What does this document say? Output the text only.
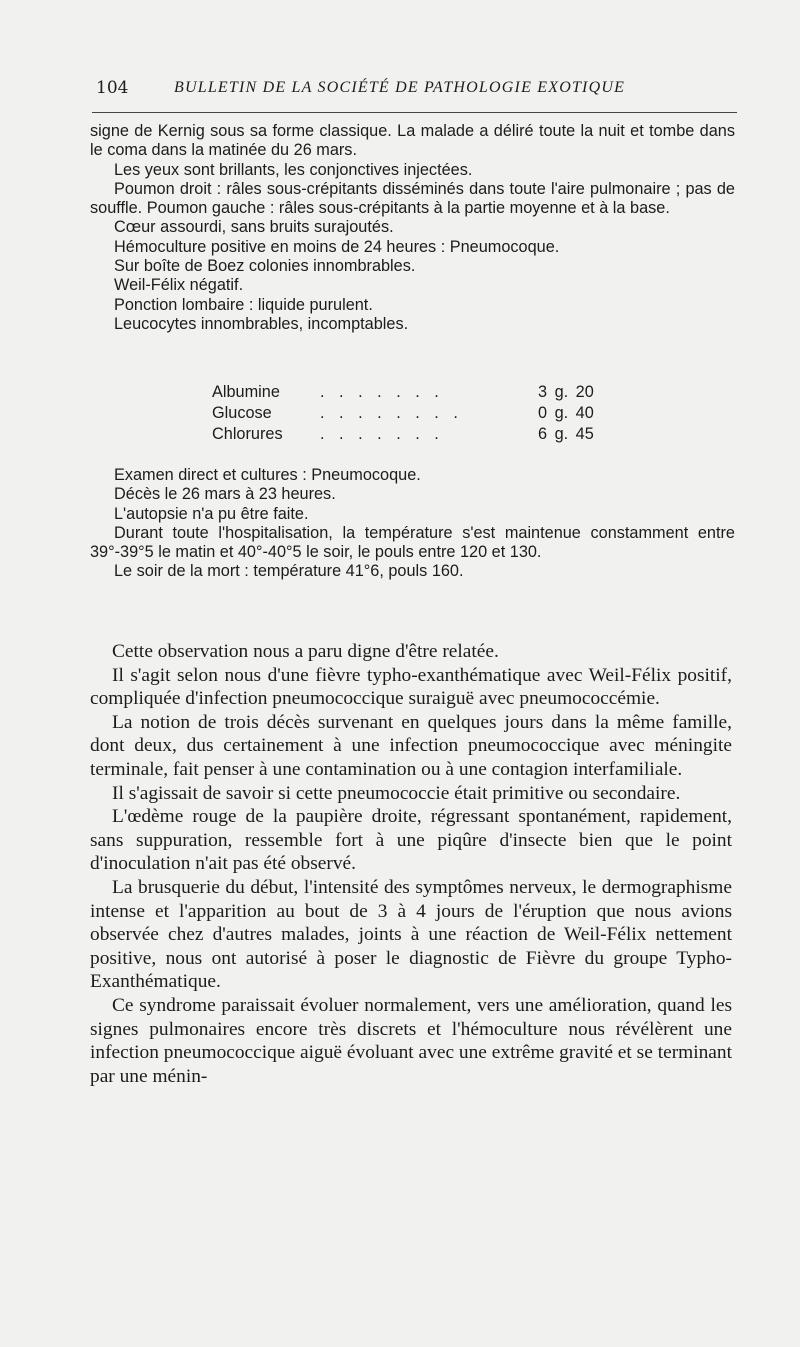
104	BULLETIN DE LA SOCIÉTÉ DE PATHOLOGIE EXOTIQUE

signe de Kernig sous sa forme classique. La malade a déliré toute la nuit et tombe dans le coma dans la matinée du 26 mars.

Les yeux sont brillants, les conjonctives injectées.

Poumon droit : râles sous-crépitants disséminés dans toute l'aire pulmonaire ; pas de souffle. Poumon gauche : râles sous-crépitants à la partie moyenne et à la base.

Cœur assourdi, sans bruits surajoutés.

Hémoculture positive en moins de 24 heures : Pneumocoque.

Sur boîte de Boez colonies innombrables.

Weil-Félix négatif.

Ponction lombaire : liquide purulent.

Leucocytes innombrables, incomptables.

Albumine . . . . . . .	3 g. 20
Glucose	. . . . . . . .	0 g. 40
Chlorures . . . . . . .	6 g. 45

Examen direct et cultures : Pneumocoque.

Décès le 26 mars à 23 heures.

L'autopsie n'a pu être faite.

Durant toute l'hospitalisation, la température s'est maintenue constamment entre 39°-39°5 le matin et 40°-40°5 le soir, le pouls entre 120 et 130.

Le soir de la mort : température 41°6, pouls 160.

Cette observation nous a paru digne d'être relatée.

Il s'agit selon nous d'une fièvre typho-exanthématique avec Weil-Félix positif, compliquée d'infection pneumococcique suraiguë avec pneumococcémie.

La notion de trois décès survenant en quelques jours dans la même famille, dont deux, dus certainement à une infection pneumococcique avec méningite terminale, fait penser à une contamination ou à une contagion interfamiliale.

Il s'agissait de savoir si cette pneumococcie était primitive ou secondaire.

L'œdème rouge de la paupière droite, régressant spontanément, rapidement, sans suppuration, ressemble fort à une piqûre d'insecte bien que le point d'inoculation n'ait pas été observé.

La brusquerie du début, l'intensité des symptômes nerveux, le dermographisme intense et l'apparition au bout de 3 à 4 jours de l'éruption que nous avions observée chez d'autres malades, joints à une réaction de Weil-Félix nettement positive, nous ont autorisé à poser le diagnostic de Fièvre du groupe Typho-Exanthématique.

Ce syndrome paraissait évoluer normalement, vers une amélioration, quand les signes pulmonaires encore très discrets et l'hémoculture nous révélèrent une infection pneumococcique aiguë évoluant avec une extrême gravité et se terminant par une ménin-
